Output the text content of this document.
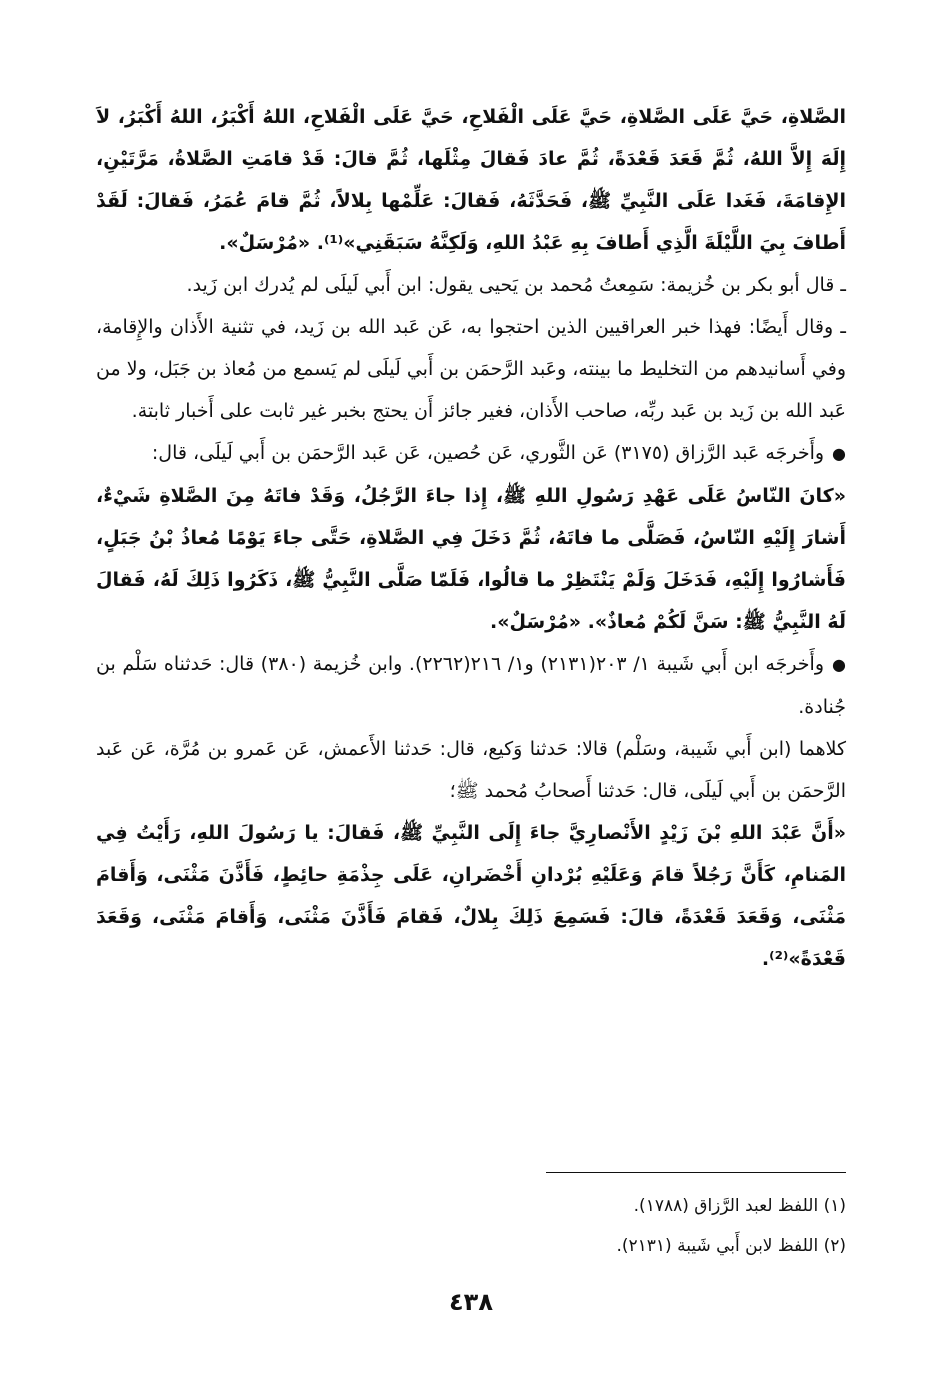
الصَّلاةِ، حَيَّ عَلَى الصَّلاةِ، حَيَّ عَلَى الْفَلاحِ، حَيَّ عَلَى الْفَلاحِ، اللهُ أَكْبَرُ، اللهُ أَكْبَرُ، لاَ إِلَهَ إِلاَّ اللهُ، ثُمَّ قَعَدَ قَعْدَةً، ثُمَّ عادَ فَقالَ مِثْلَها، ثُمَّ قالَ: قَدْ قامَتِ الصَّلاةُ، مَرَّتَيْنِ، الإِقامَةَ، فَغَدا عَلَى النَّبِيِّ ﷺ، فَحَدَّثَهُ، فَقالَ: عَلِّمْها بِلالاً، ثُمَّ قامَ عُمَرُ، فَقالَ: لَقَدْ أَطافَ بِيَ اللَّيْلَةَ الَّذِي أَطافَ بِهِ عَبْدُ اللهِ، وَلَكِنَّهُ سَبَقَنِي»⁽¹⁾. «مُرْسَلٌ».

ـ قال أبو بكر بن خُزيمة: سَمِعتُ مُحمد بن يَحيى يقول: ابن أَبي لَيلَى لم يُدرك ابن زَيد.

ـ وقال أَيضًا: فهذا خبر العراقيين الذين احتجوا به، عَن عَبد الله بن زَيد، في تثنية الأَذان والإِقامة، وفي أَسانيدهم من التخليط ما بينته، وعَبد الرَّحمَن بن أَبي لَيلَى لم يَسمع من مُعاذ بن جَبَل، ولا من عَبد الله بن زَيد بن عَبد ربِّه، صاحب الأَذان، فغير جائز أَن يحتج بخبر غير ثابت على أَخبار ثابتة.

●وأَخرجَه عَبد الرَّزاق (٣١٧٥) عَن الثَّوري، عَن حُصين، عَن عَبد الرَّحمَن بن أَبي لَيلَى، قال:

«كانَ النّاسُ عَلَى عَهْدِ رَسُولِ اللهِ ﷺ، إِذا جاءَ الرَّجُلُ، وَقَدْ فاتَهُ مِنَ الصَّلاةِ شَيْءٌ، أَشارَ إِلَيْهِ النّاسُ، فَصَلَّى ما فاتَهُ، ثُمَّ دَخَلَ فِي الصَّلاةِ، حَتَّى جاءَ يَوْمًا مُعاذُ بْنُ جَبَلٍ، فَأَشارُوا إِلَيْهِ، فَدَخَلَ وَلَمْ يَنْتَظِرْ ما قالُوا، فَلَمّا صَلَّى النَّبِيُّ ﷺ، ذَكَرُوا ذَلِكَ لَهُ، فَقالَ لَهُ النَّبِيُّ ﷺ: سَنَّ لَكُمْ مُعاذٌ». «مُرْسَلٌ».

●وأَخرجَه ابن أَبي شَيبة ١/ ٢٠٣(٢١٣١) و١/ ٢١٦(٢٢٦٢). وابن خُزيمة (٣٨٠) قال: حَدثناه سَلْم بن جُنادة.

كلاهما (ابن أَبي شَيبة، وسَلْم) قالا: حَدثنا وَكيع، قال: حَدثنا الأَعمش، عَن عَمرو بن مُرَّة، عَن عَبد الرَّحمَن بن أَبي لَيلَى، قال: حَدثنا أَصحابُ مُحمد ﷺ؛

«أَنَّ عَبْدَ اللهِ بْنَ زَيْدٍ الأَنْصارِيَّ جاءَ إِلَى النَّبِيِّ ﷺ، فَقالَ: يا رَسُولَ اللهِ، رَأَيْتُ فِي المَنامِ، كَأَنَّ رَجُلاً قامَ وَعَلَيْهِ بُرْدانِ أَخْضَرانِ، عَلَى جِذْمَةِ حائِطٍ، فَأَذَّنَ مَثْنَى، وَأَقامَ مَثْنَى، وَقَعَدَ قَعْدَةً، قالَ: فَسَمِعَ ذَلِكَ بِلالٌ، فَقامَ فَأَذَّنَ مَثْنَى، وَأَقامَ مَثْنَى، وَقَعَدَ قَعْدَةً»⁽²⁾.

(١) اللفظ لعبد الرَّزاق (١٧٨٨).

(٢) اللفظ لابن أَبي شَيبة (٢١٣١).

٤٣٨
